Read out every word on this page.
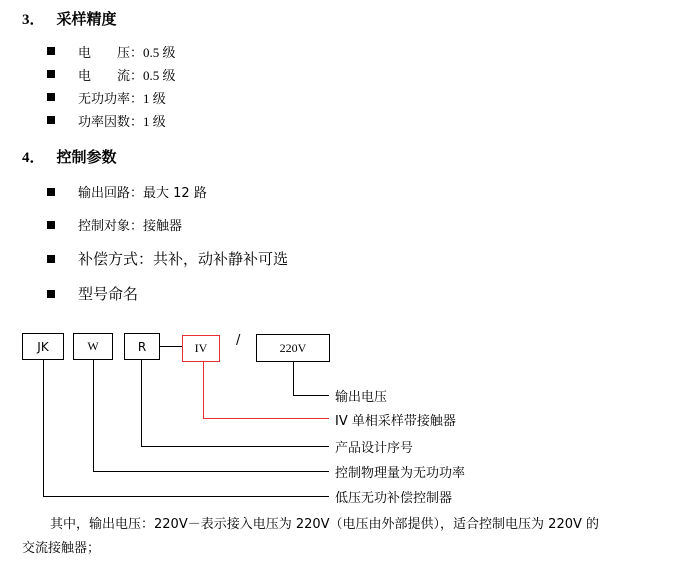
3． 采样精度
电　　压：0.5 级
电　　流：0.5 级
无功功率：1 级
功率因数：1 级
4． 控制参数
输出回路：最大 12 路
控制对象：接触器
补偿方式：共补，动补静补可选
型号命名
JK	W	R	IV /	220V
输出电压
IV 单相采样带接触器
产品设计序号
控制物理量为无功功率
低压无功补偿控制器
其中，输出电压：220V－表示接入电压为 220V（电压由外部提供），适合控制电压为 220V 的
交流接触器；
